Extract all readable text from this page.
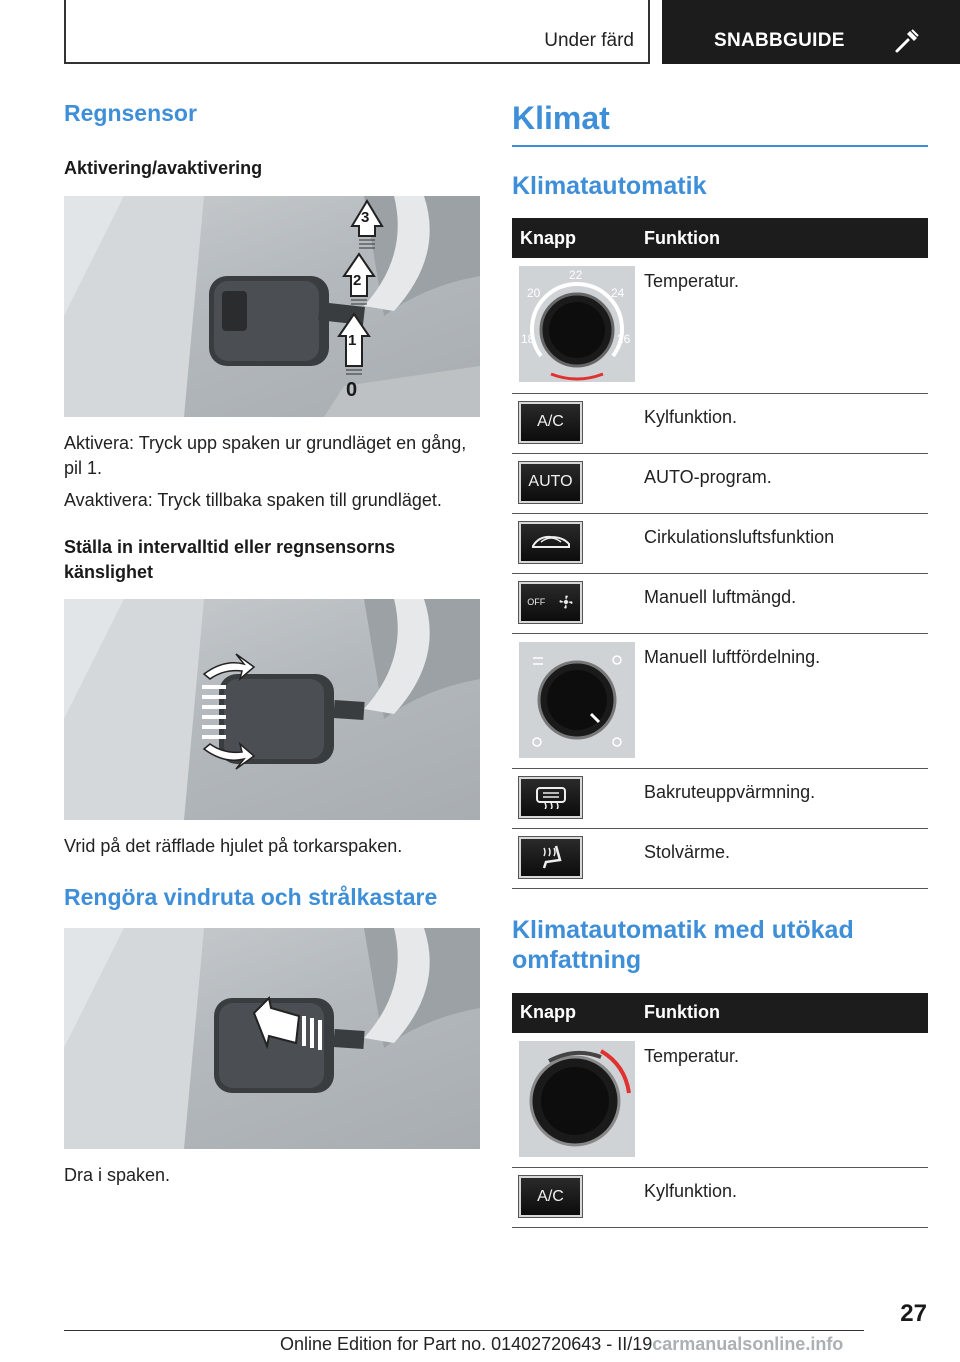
Under färd	SNABBGUIDE
Regnsensor
Aktivering/avaktivering
3
2
1
0
Aktivera: Tryck upp spaken ur grundläget en gång, pil 1.
Avaktivera: Tryck tillbaka spaken till grundläget.
Ställa in intervalltid eller regnsensorns känslighet
Vrid på det räfflade hjulet på torkarspaken.
Rengöra vindruta och strålkastare
Dra i spaken.
Klimat
Klimatautomatik
Knapp	Funktion

22
20 24
18 26	Temperatur.

A/C	Kylfunktion.

AUTO	AUTO-program.

	Cirkulationsluftsfunktion

OFF	Manuell luftmängd.

	Manuell luftfördelning.

	Bakruteuppvärmning.

	Stolvärme.
Klimatautomatik med utökad omfattning
Knapp	Funktion

	Temperatur.

A/C	Kylfunktion.
27
Online Edition for Part no. 01402720643 - II/19carmanualsonline.info
